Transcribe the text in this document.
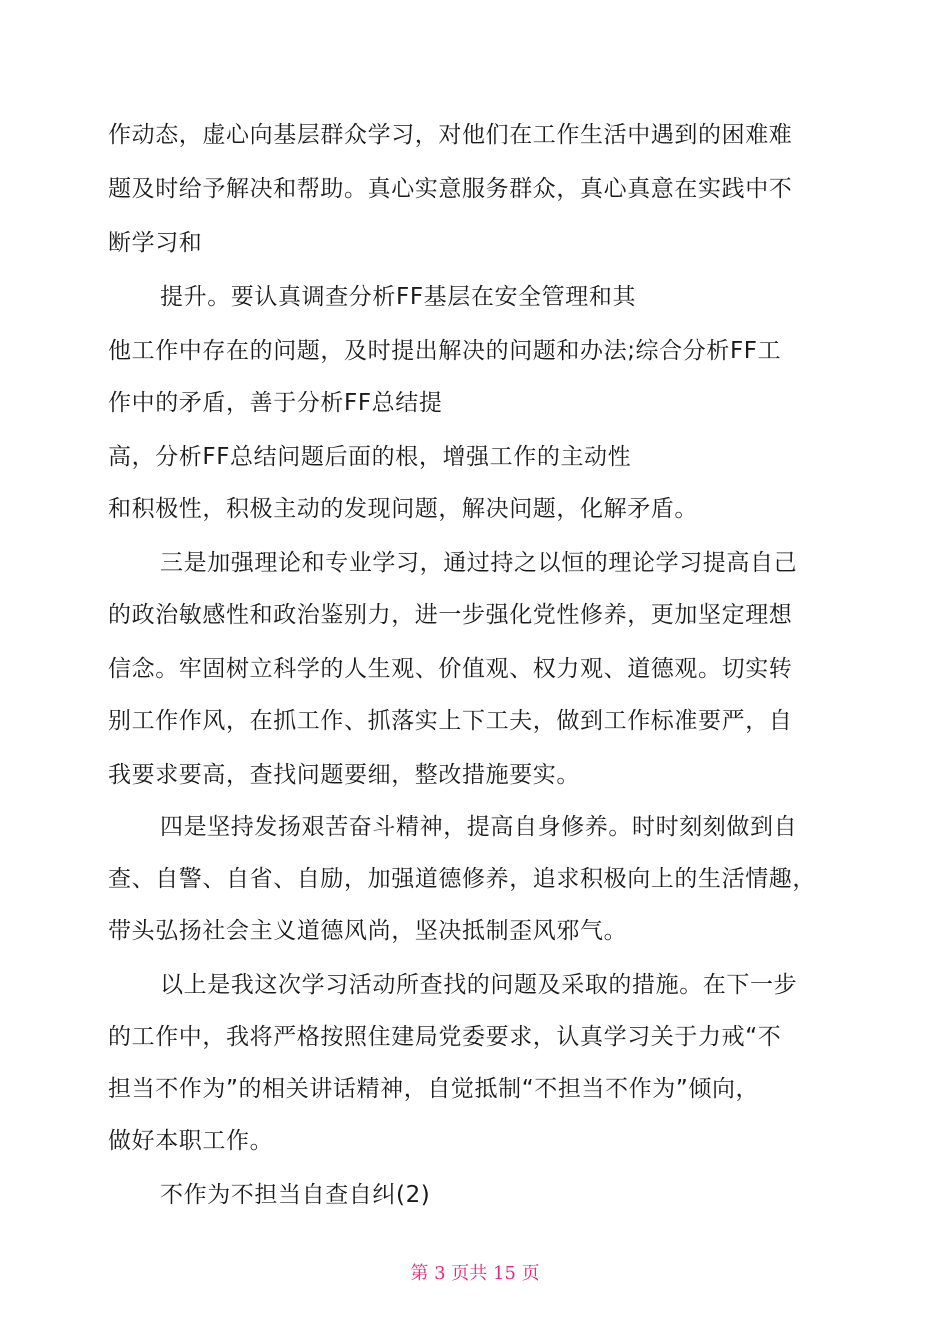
作动态，虚心向基层群众学习，对他们在工作生活中遇到的困难难
题及时给予解决和帮助。真心实意服务群众，真心真意在实践中不
断学习和
提升。要认真调查分析FF基层在安全管理和其
他工作中存在的问题，及时提出解决的问题和办法;综合分析FF工
作中的矛盾，善于分析FF总结提
高，分析FF总结问题后面的根，增强工作的主动性
和积极性，积极主动的发现问题，解决问题，化解矛盾。
三是加强理论和专业学习，通过持之以恒的理论学习提高自己
的政治敏感性和政治鉴别力，进一步强化党性修养，更加坚定理想
信念。牢固树立科学的人生观、价值观、权力观、道德观。切实转
别工作作风，在抓工作、抓落实上下工夫，做到工作标准要严，自
我要求要高，查找问题要细，整改措施要实。
四是坚持发扬艰苦奋斗精神，提高自身修养。时时刻刻做到自
查、自警、自省、自励，加强道德修养，追求积极向上的生活情趣，
带头弘扬社会主义道德风尚，坚决抵制歪风邪气。
以上是我这次学习活动所查找的问题及采取的措施。在下一步
的工作中，我将严格按照住建局党委要求，认真学习关于力戒“不
担当不作为”的相关讲话精神，自觉抵制“不担当不作为”倾向，
做好本职工作。
不作为不担当自查自纠(2)
第 3 页共 15 页
